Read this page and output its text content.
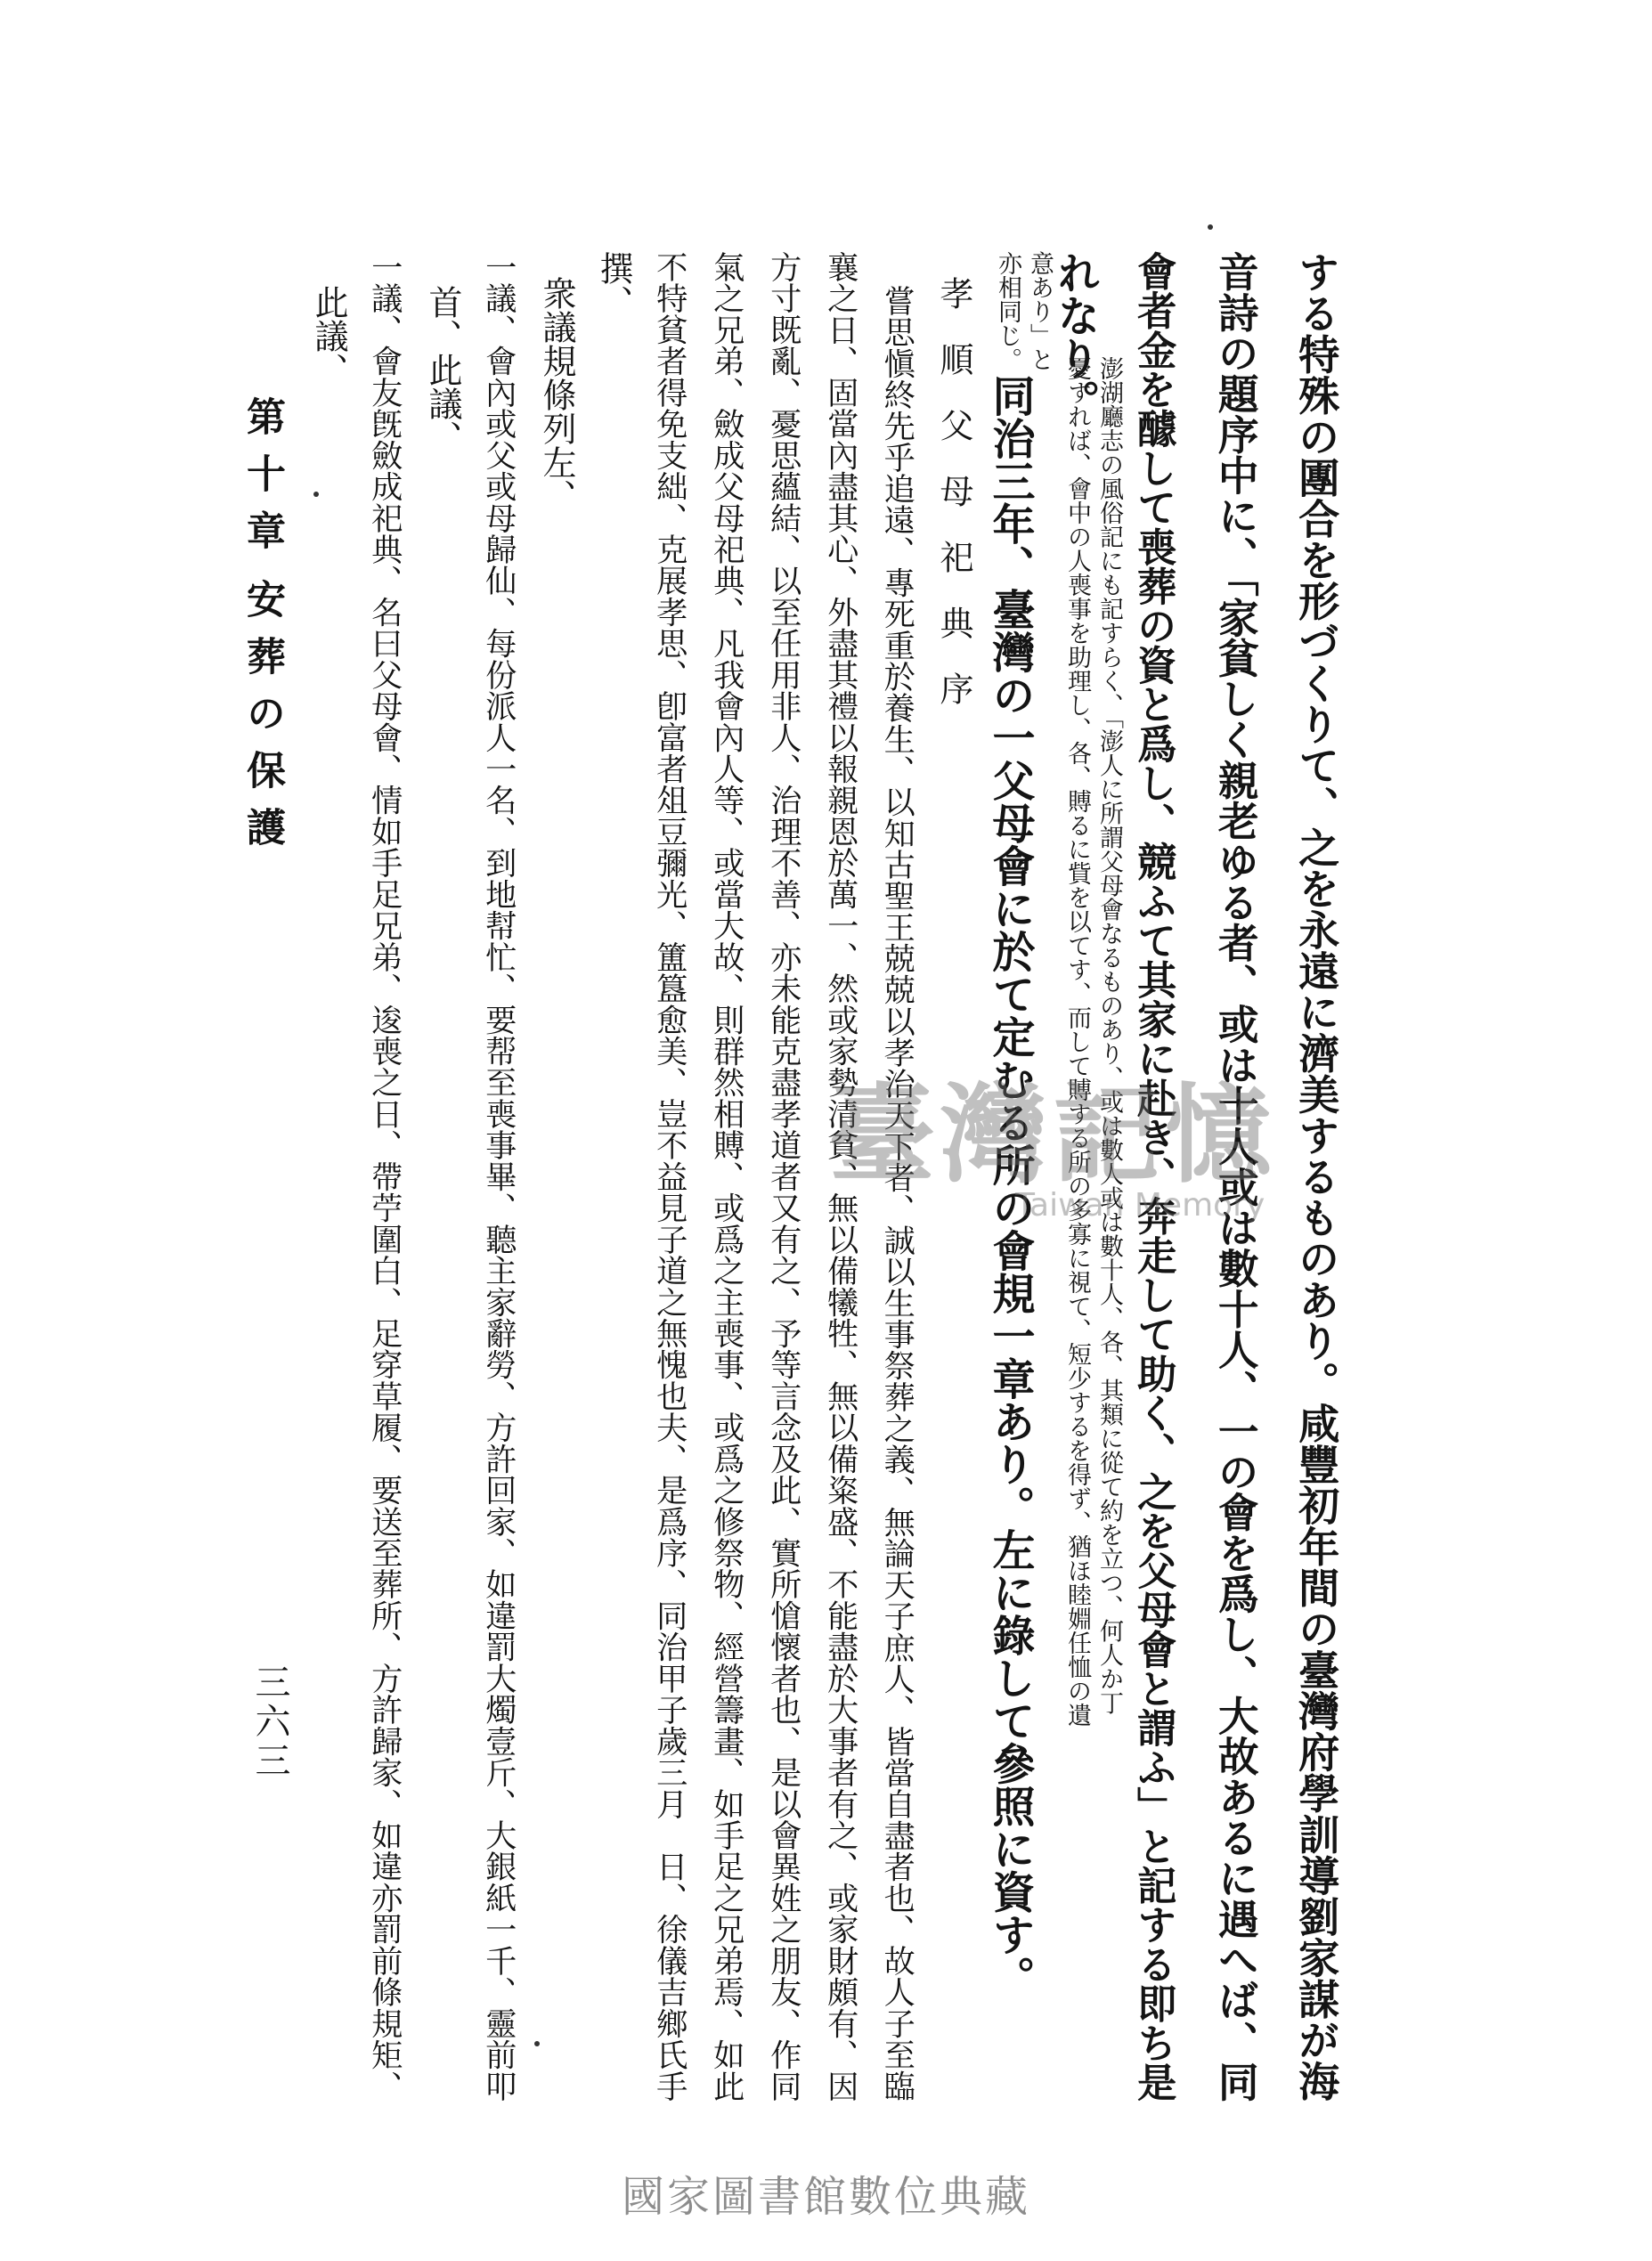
する特殊の團合を形づくりて、之を永遠に濟美するものあり。咸豐初年間の臺灣府學訓導劉家謀が海
音詩の題序中に、「家貧しく親老ゆる者、或は十人或は數十人、一の會を爲し、大故あるに遇へば、同
會者金を醵して喪葬の資と爲し、競ふて其家に赴き、奔走して助く、之を父母會と謂ふ」と記する即ち是
れなり。
澎湖廳志の風俗記にも記すらく、「澎人に所謂父母會なるものあり、或は數人或は數十人、各、其類に從て約を立つ、何人か丁
憂すれば、會中の人喪事を助理し、各、賻るに貲を以てす、而して賻する所の多寡に視て、短少するを得ず、猶ほ睦婣任恤の遺
意あり」と
亦相同じ。
同治三年、臺灣の一父母會に於て定むる所の會規一章あり。左に錄して參照に資す。
孝順父母祀典序
嘗思愼終先乎追遠、專死重於養生、以知古聖王兢兢以孝治天下者、誠以生事祭葬之義、無論天子庶人、皆當自盡者也、故人子至臨
襄之日、固當內盡其心、外盡其禮以報親恩於萬一、然或家勢清貧、無以備犧牲、無以備粢盛、不能盡於大事者有之、或家財頗有、因
方寸既亂、憂思蘊結、以至任用非人、治理不善、亦未能克盡孝道者又有之、予等言念及此、實所愴懷者也、是以會異姓之朋友、作同
氣之兄弟、斂成父母祀典、凡我會內人等、或當大故、則群然相賻、或爲之主喪事、或爲之修祭物、經營籌畫、如手足之兄弟焉、如此
不特貧者得免支絀、克展孝思、卽富者俎豆彌光、簠簋愈美、豈不益見子道之無愧也夫、是爲序、同治甲子歲三月　日、徐儀吉鄉氏手
撰、
衆議規條列左、
一議、會內或父或母歸仙、每份派人一名、到地幇忙、要帮至喪事畢、聽主家辭勞、方許回家、如違罰大燭壹斤、大銀紙一千、靈前叩
首、此議、
一議、會友旣斂成祀典、名曰父母會、情如手足兄弟、逡喪之日、帶苧圍白、足穿草履、要送至葬所、方許歸家、如違亦罰前條規矩、
此議、
第十章
安葬の保護
三六三
臺灣記憶
Taiwan Memory
國家圖書館數位典藏
